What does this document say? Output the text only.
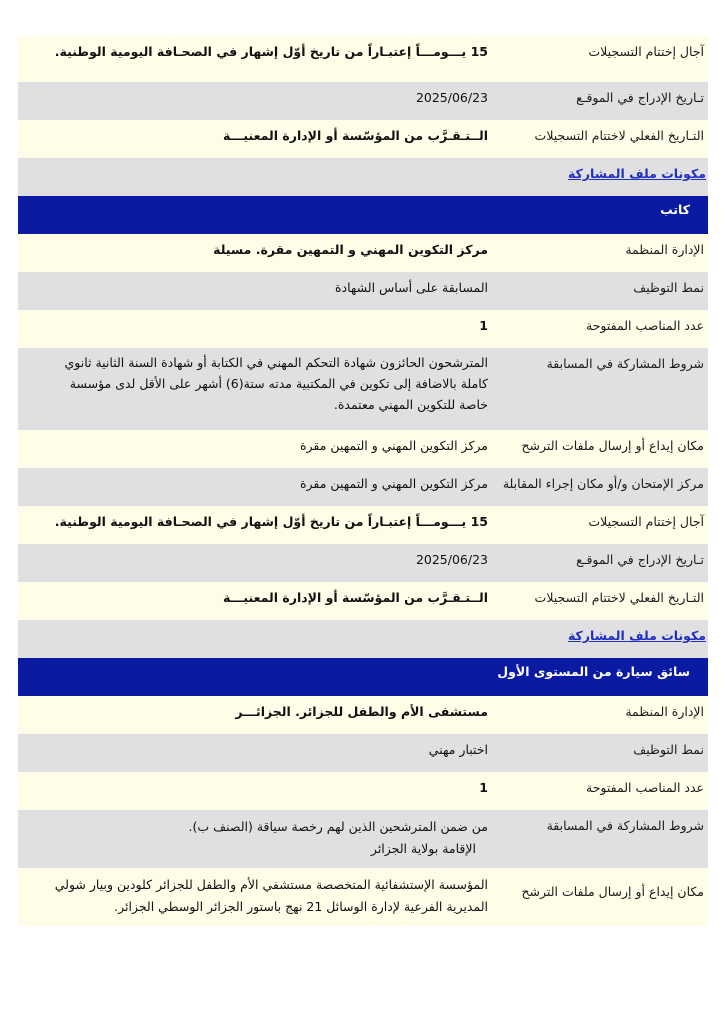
آجال إختتام التسجيلات
15 يـــومـــاً إعتبـاراً من تاريخ أوّل إشهار في الصحـافة اليومية الوطنية.
تـاريخ الإدراج في الموقـع
2025/06/23
التـاريخ الفعلي لاختتام التسجيلات
الــتـقـرَّب من المؤسّسة أو الإدارة المعنيـــة
مكونات ملف المشاركة
كاتب
الإدارة المنظمة
مركز التكوين المهني و التمهين مقرة. مسيلة
نمط التوظيف
المسابقة على أساس الشهادة
عدد المناصب المفتوحة
1
شروط المشاركة في المسابقة
المترشحون الحائزون شهادة التحكم المهني في الكتابة أو شهادة السنة الثانية ثانوي
كاملة بالاضافة إلى تكوين في المكتبية مدته ستة(6) أشهر على الأقل لدى مؤسسة
خاصة للتكوين المهني معتمدة.
مكان إيداع أو إرسال ملفات الترشح
مركز التكوين المهني و التمهين مقرة
مركز الإمتحان و/أو مكان إجراء المقابلة
مركز التكوين المهني و التمهين مقرة
آجال إختتام التسجيلات
15 يـــومـــاً إعتبـاراً من تاريخ أوّل إشهار في الصحـافة اليومية الوطنية.
تـاريخ الإدراج في الموقـع
2025/06/23
التـاريخ الفعلي لاختتام التسجيلات
الــتـقـرَّب من المؤسّسة أو الإدارة المعنيـــة
مكونات ملف المشاركة
سائق سيارة من المستوى الأول
الإدارة المنظمة
مستشفى الأم والطفل للجزائر. الجزائـــر
نمط التوظيف
اختبار مهني
عدد المناصب المفتوحة
1
شروط المشاركة في المسابقة
من ضمن المترشحين الذين لهم رخصة سياقة (الصنف ب).
الإقامة بولاية الجزائر
مكان إيداع أو إرسال ملفات الترشح
المؤسسة الإستشفائية المتخصصة مستشفي الأم والطفل للجزائر كلودين وبيار شولي
المديرية الفرعية لإدارة الوسائل 21 نهج باستور الجزائر الوسطي الجزائر.
